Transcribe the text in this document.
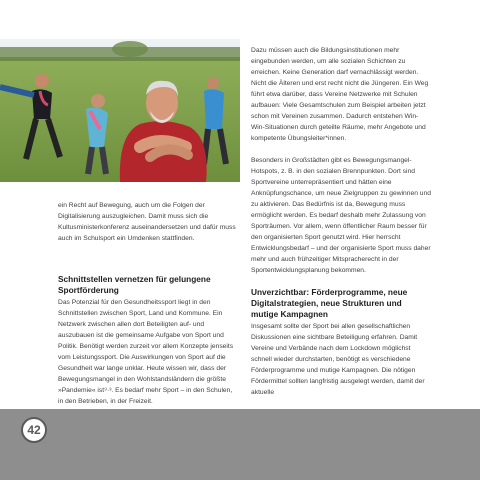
ein Recht auf Bewegung, auch um die Folgen der Digitalisierung auszugleichen. Damit muss sich die Kultusministerkonferenz auseinandersetzen und dafür muss auch im Schulsport ein Umdenken stattfinden.

Schnittstellen vernetzen für gelungene Sportförderung

Das Potenzial für den Gesundheitssport liegt in den Schnittstellen zwischen Sport, Land und Kommune. Ein Netzwerk zwischen allen dort Beteiligten auf- und auszubauen ist die gemeinsame Aufgabe von Sport und Politik. Benötigt werden zurzeit vor allem Konzepte jenseits vom Leistungssport. Die Auswirkungen von Sport auf die Gesundheit war lange unklar. Heute wissen wir, dass der Bewegungsmangel in den Wohlstandsländern die größte »Pandemie« ist⁹·³. Es bedarf mehr Sport – in den Schulen, in den Betrieben, in der Freizeit.

Dazu müssen auch die Bildungsinstitutionen mehr eingebunden werden, um alle sozialen Schichten zu erreichen. Keine Generation darf vernachlässigt werden. Nicht die Älteren und erst recht nicht die Jüngeren. Ein Weg führt etwa darüber, dass Vereine Netzwerke mit Schulen aufbauen: Viele Gesamtschulen zum Beispiel arbeiten jetzt schon mit Vereinen zusammen. Dadurch entstehen Win-Win-Situationen durch geteilte Räume, mehr Angebote und kompetente Übungsleiter*innen.

Besonders in Großstädten gibt es Bewegungsmangel-Hotspots, z. B. in den sozialen Brennpunkten. Dort sind Sportvereine unterrepräsentiert und hätten eine Anknüpfungschance, um neue Zielgruppen zu gewinnen und zu aktivieren. Das Bedürfnis ist da, Bewegung muss ermöglicht werden. Es bedarf deshalb mehr Zulassung von Sporträumen. Vor allem, wenn öffentlicher Raum besser für den organisierten Sport genutzt wird. Hier herrscht Entwicklungsbedarf – und der organisierte Sport muss daher mehr und auch frühzeitiger Mitspracherecht in der Sportentwicklungsplanung bekommen.

Unverzichtbar: Förderprogramme, neue Digitalstrategien, neue Strukturen und mutige Kampagnen

Insgesamt sollte der Sport bei allen gesellschaftlichen Diskussionen eine sichtbare Beteiligung erfahren. Damit Vereine und Verbände nach dem Lockdown möglichst schnell wieder durchstarten, benötigt es verschiedene Förderprogramme und mutige Kampagnen. Die nötigen Fördermittel sollten langfristig ausgelegt werden, damit der aktuelle

42
